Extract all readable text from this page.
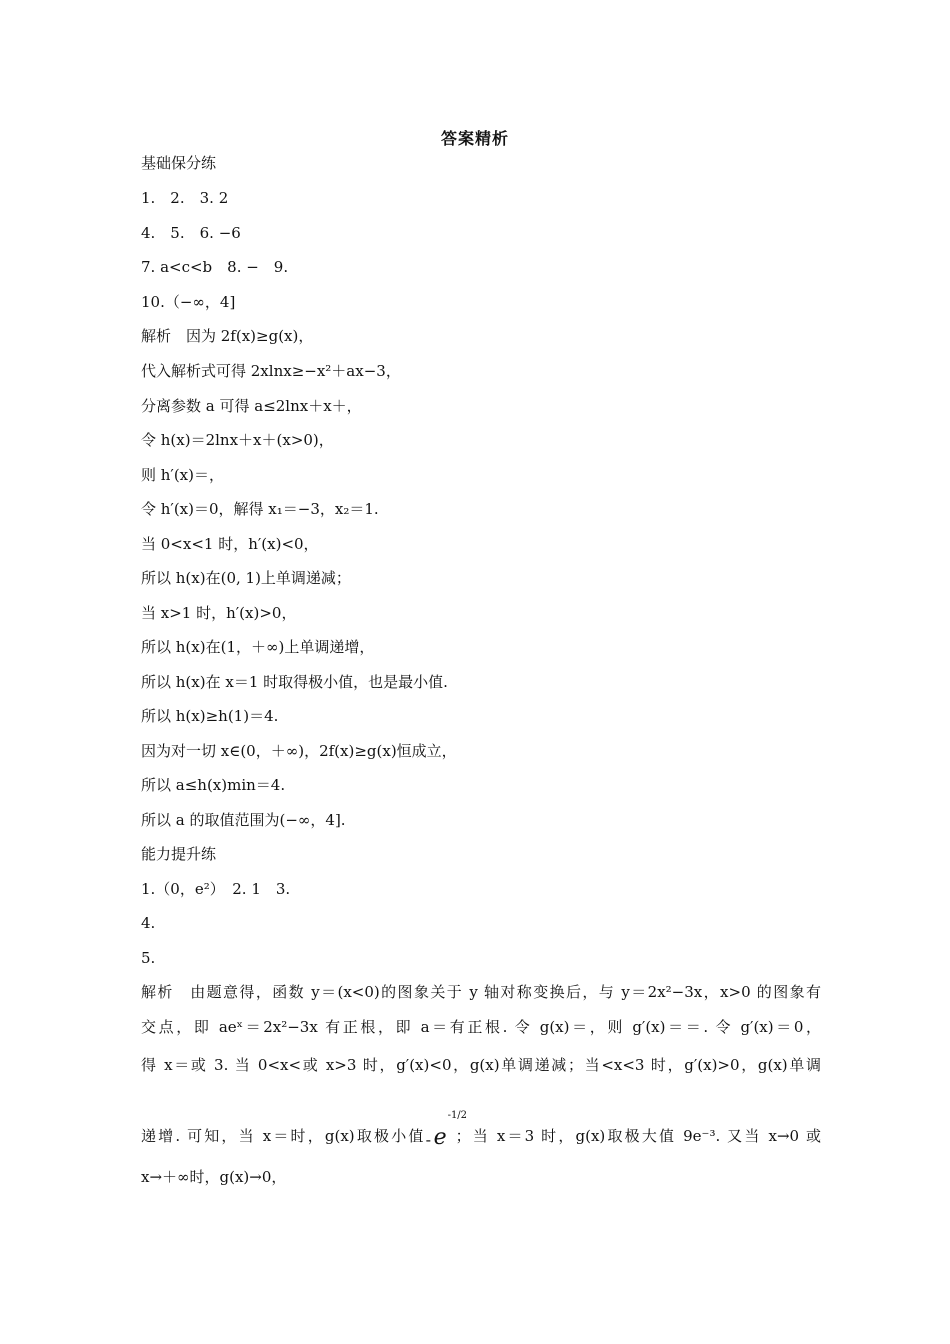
答案精析
基础保分练
1.　2.　3. 2
4.　5.　6. −6
7. a<c<b　8. −　9.
10.（−∞，4]
解析　因为 2f(x)≥g(x)，
代入解析式可得 2xlnx≥−x²＋ax−3，
分离参数 a 可得 a≤2lnx＋x＋，
令 h(x)＝2lnx＋x＋(x>0)，
则 h′(x)＝，
令 h′(x)＝0，解得 x₁＝−3，x₂＝1.
当 0<x<1 时，h′(x)<0，
所以 h(x)在(0, 1)上单调递减；
当 x>1 时，h′(x)>0，
所以 h(x)在(1，＋∞)上单调递增，
所以 h(x)在 x＝1 时取得极小值，也是最小值.
所以 h(x)≥h(1)＝4.
因为对一切 x∈(0，＋∞)，2f(x)≥g(x)恒成立，
所以 a≤h(x)min＝4.
所以 a 的取值范围为(−∞，4].
能力提升练
1.（0，e²）　2. 1　3.
4.
5.
解析　由题意得，函数 y＝(x<0)的图象关于 y 轴对称变换后，与 y＝2x²−3x，x>0 的图象有
交点，即 aeˣ＝2x²−3x 有正根，即 a＝有正根. 令 g(x)＝，则 g′(x)＝＝. 令 g′(x)＝0，
得 x＝或 3. 当 0<x<或 x>3 时，g′(x)<0，g(x)单调递减；当<x<3 时，g′(x)>0，g(x)单调
递增. 可知，当 x＝时，g(x)取极小值 - e
-1/2
；当 x＝3 时，g(x)取极大值 9e⁻³. 又当 x→0 或
x→＋∞时，g(x)→0，
